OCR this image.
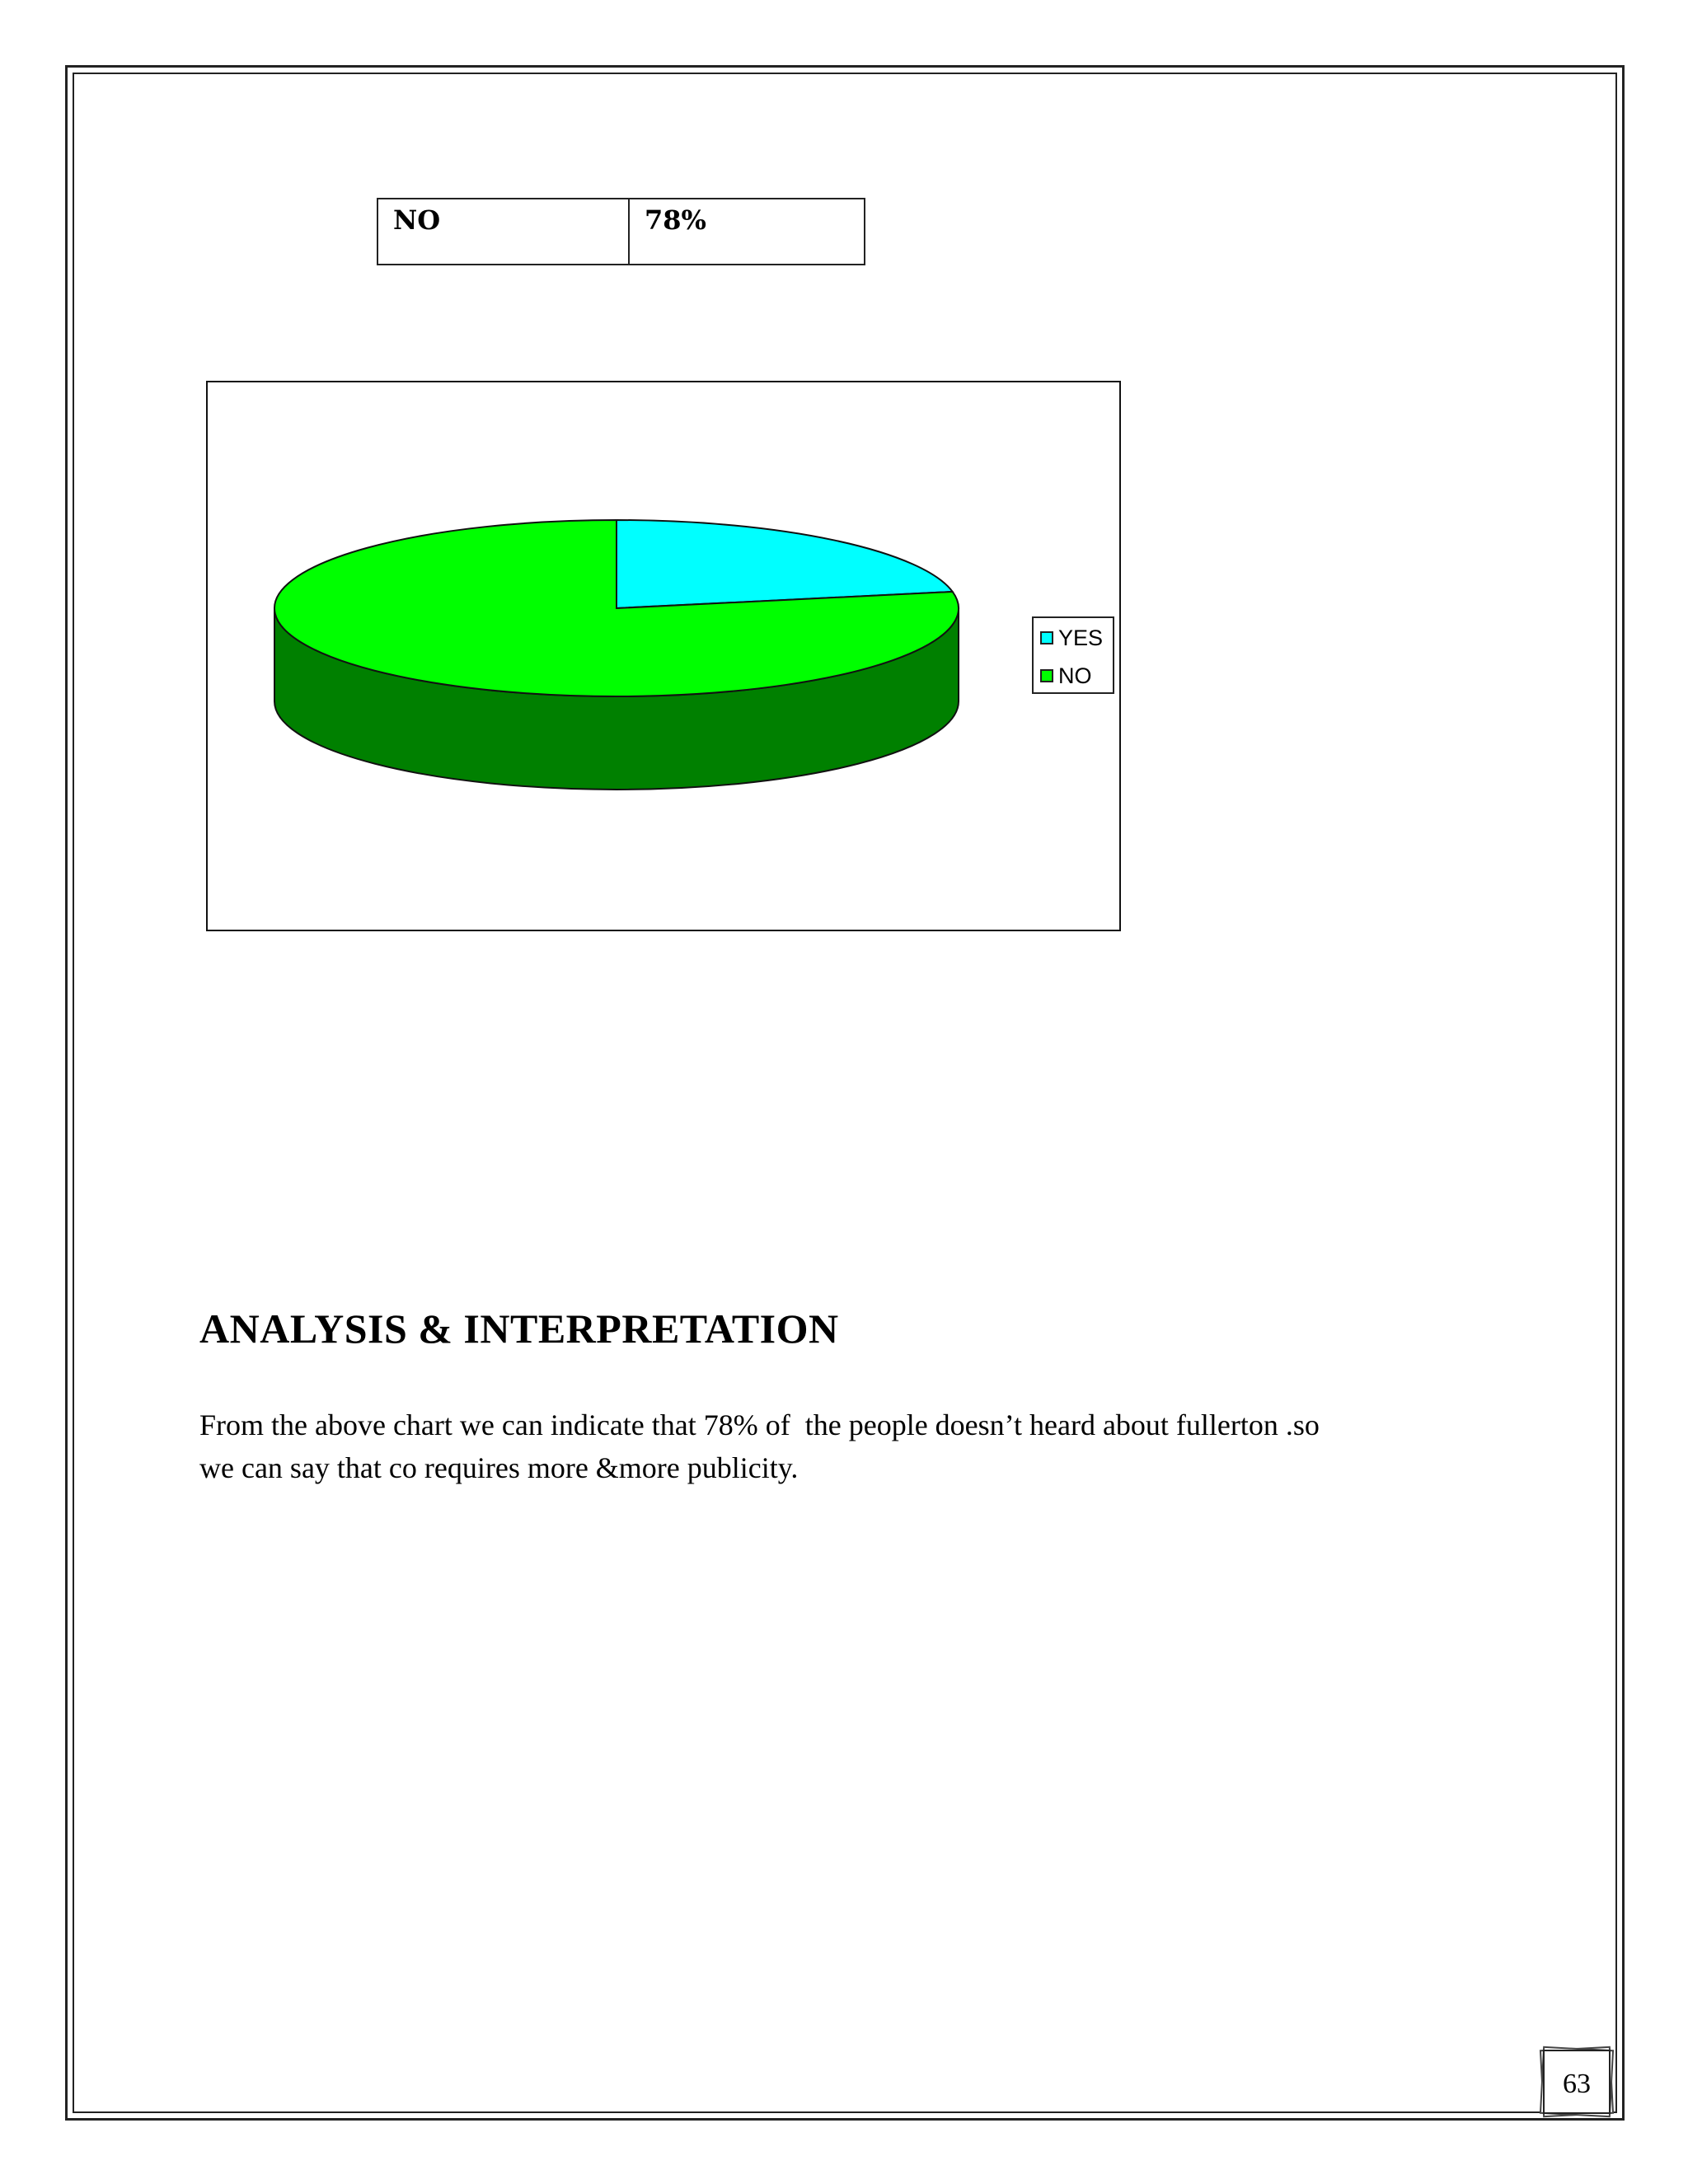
NO	78%
YES
NO
ANALYSIS & INTERPRETATION

From the above chart we can indicate that 78% of  the people doesn’t heard about fullerton .so
we can say that co requires more &more publicity.

63
